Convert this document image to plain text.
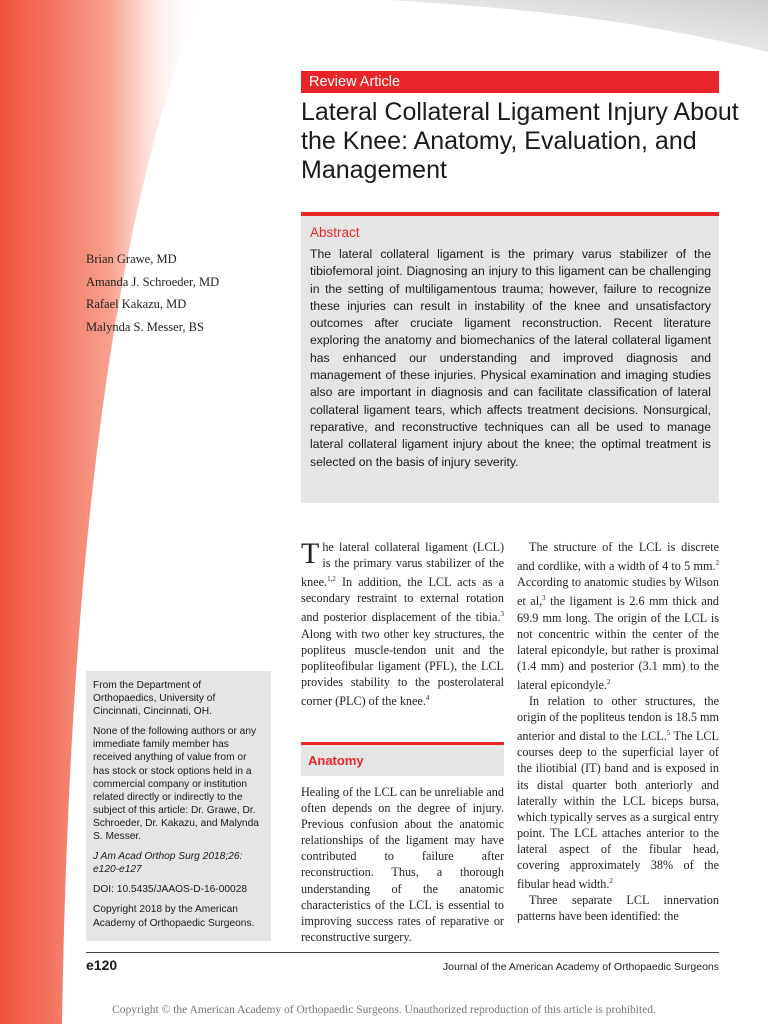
Review Article
Lateral Collateral Ligament Injury About the Knee: Anatomy, Evaluation, and Management
Brian Grawe, MD
Amanda J. Schroeder, MD
Rafael Kakazu, MD
Malynda S. Messer, BS
Abstract
The lateral collateral ligament is the primary varus stabilizer of the tibiofemoral joint. Diagnosing an injury to this ligament can be challenging in the setting of multiligamentous trauma; however, failure to recognize these injuries can result in instability of the knee and unsatisfactory outcomes after cruciate ligament reconstruction. Recent literature exploring the anatomy and biomechanics of the lateral collateral ligament has enhanced our understanding and improved diagnosis and management of these injuries. Physical examination and imaging studies also are important in diagnosis and can facilitate classification of lateral collateral ligament tears, which affects treatment decisions. Nonsurgical, reparative, and reconstructive techniques can all be used to manage lateral collateral ligament injury about the knee; the optimal treatment is selected on the basis of injury severity.

The lateral collateral ligament (LCL) is the primary varus stabilizer of the knee.$^{1,2}$ In addition, the LCL acts as a secondary restraint to external rotation and posterior displacement of the tibia.$^3$ Along with two other key structures, the popliteus muscle-tendon unit and the popliteofibular ligament (PFL), the LCL provides stability to the posterolateral corner (PLC) of the knee.$^4$

Anatomy

Healing of the LCL can be unreliable and often depends on the degree of injury. Previous confusion about the anatomic relationships of the ligament may have contributed to failure after reconstruction. Thus, a thorough understanding of the anatomic characteristics of the LCL is essential to improving success rates of reparative or reconstructive surgery.

The structure of the LCL is discrete and cordlike, with a width of 4 to 5 mm.$^2$ According to anatomic studies by Wilson et al,$^3$ the ligament is 2.6 mm thick and 69.9 mm long. The origin of the LCL is not concentric within the center of the lateral epicondyle, but rather is proximal (1.4 mm) and posterior (3.1 mm) to the lateral epicondyle.$^2$

In relation to other structures, the origin of the popliteus tendon is 18.5 mm anterior and distal to the LCL.$^5$ The LCL courses deep to the superficial layer of the iliotibial (IT) band and is exposed in its distal quarter both anteriorly and laterally within the LCL biceps bursa, which typically serves as a surgical entry point. The LCL attaches anterior to the lateral aspect of the fibular head, covering approximately 38% of the fibular head width.$^2$

Three separate LCL innervation patterns have been identified: the

From the Department of Orthopaedics, University of Cincinnati, Cincinnati, OH.

None of the following authors or any immediate family member has received anything of value from or has stock or stock options held in a commercial company or institution related directly or indirectly to the subject of this article: Dr. Grawe, Dr. Schroeder, Dr. Kakazu, and Malynda S. Messer.

J Am Acad Orthop Surg 2018;26: e120-e127

DOI: 10.5435/JAAOS-D-16-00028

Copyright 2018 by the American Academy of Orthopaedic Surgeons.

e120	Journal of the American Academy of Orthopaedic Surgeons
Copyright © the American Academy of Orthopaedic Surgeons. Unauthorized reproduction of this article is prohibited.
